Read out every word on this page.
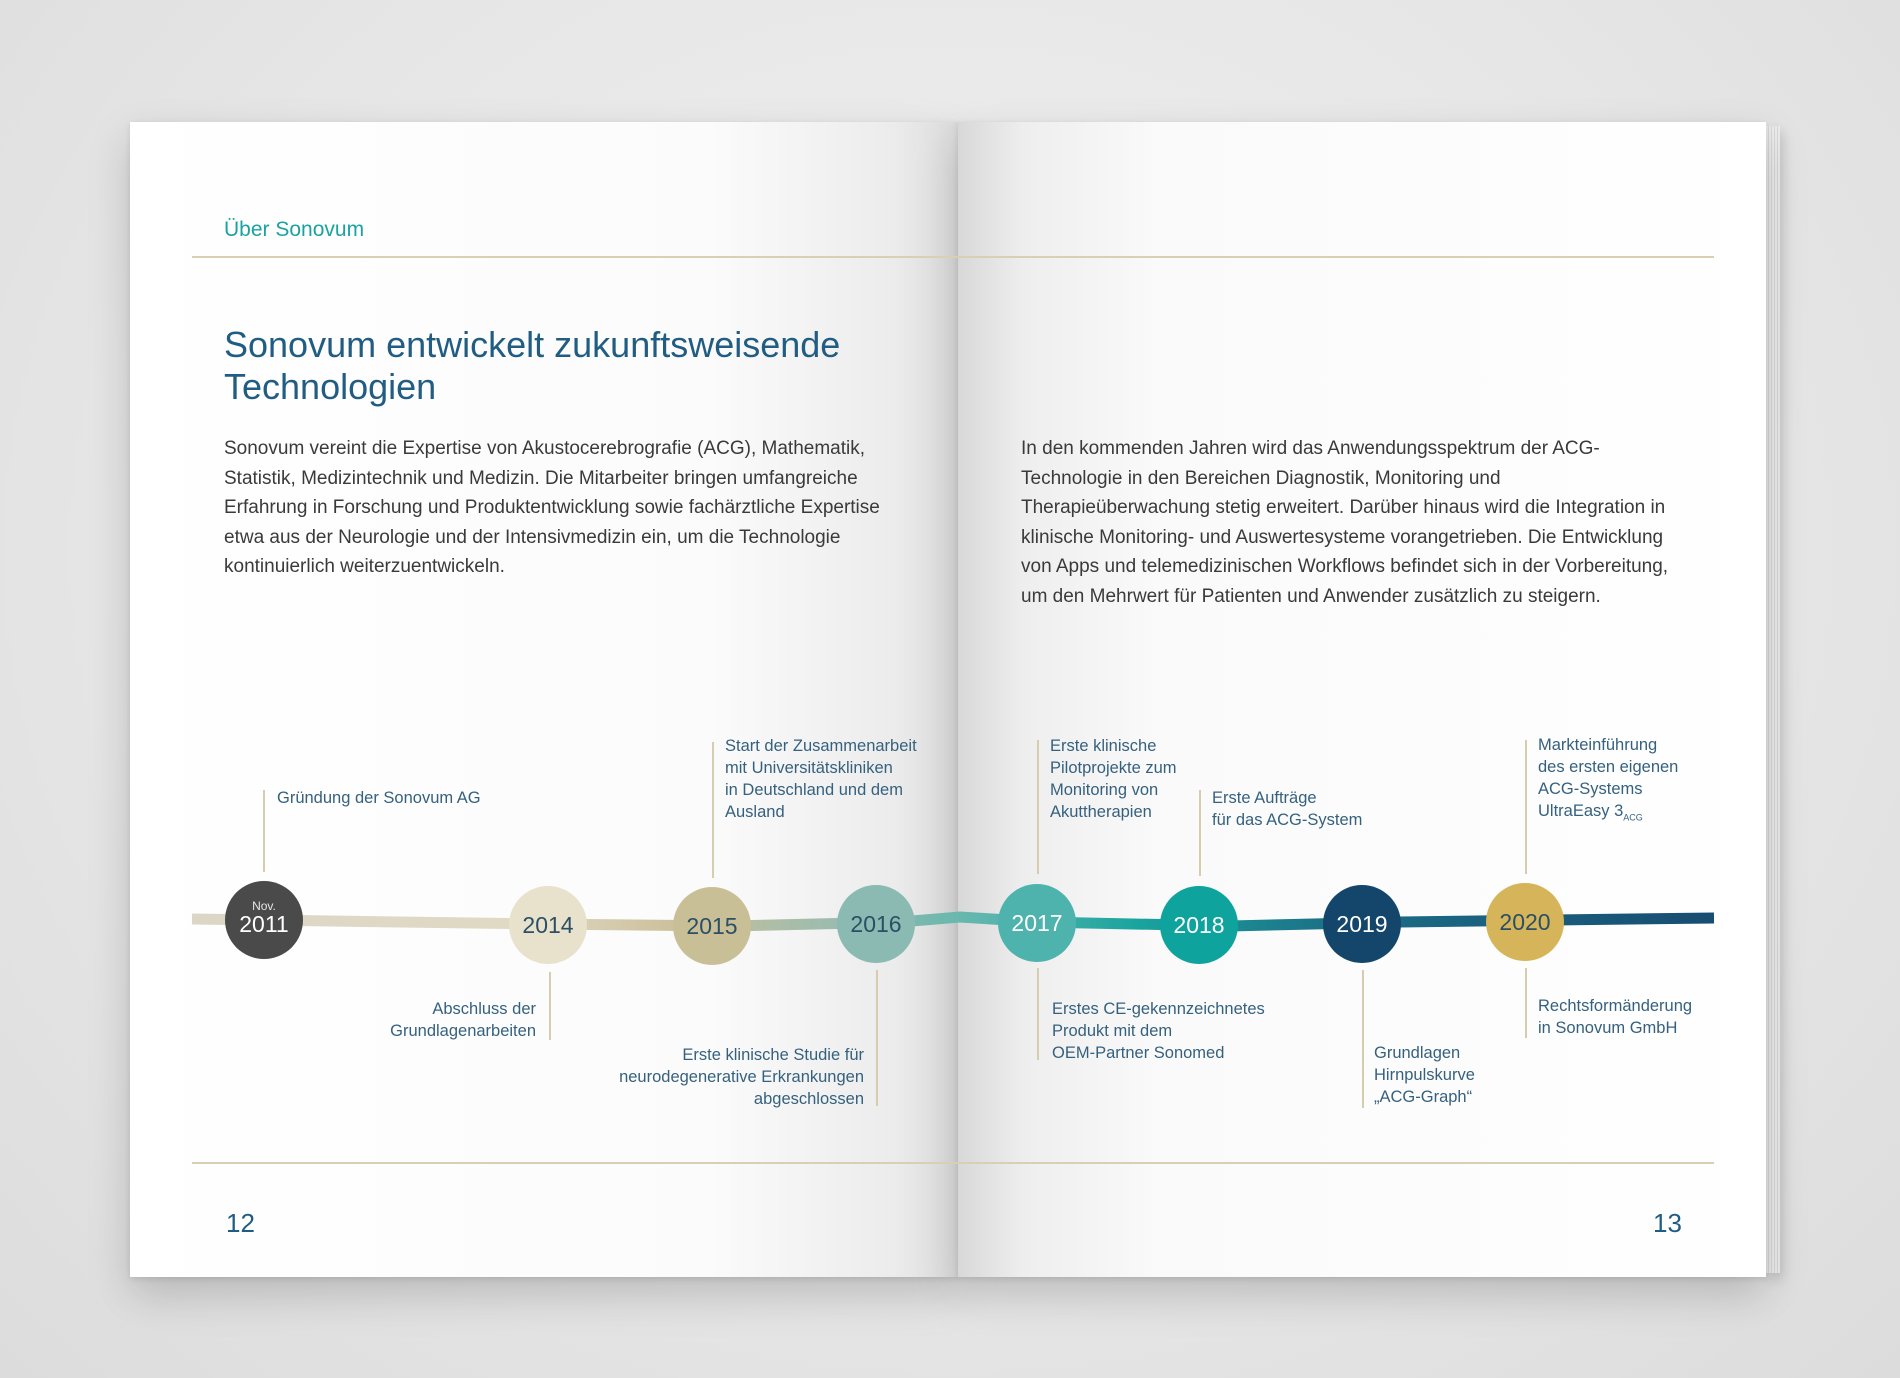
Über Sonovum
Sonovum entwickelt zukunftsweisende Technologien

Sonovum vereint die Expertise von Akustocerebrografie (ACG), Mathematik, Statistik, Medizintechnik und Medizin. Die Mitarbeiter bringen umfangreiche Erfahrung in Forschung und Produktentwicklung sowie fachärztliche Expertise etwa aus der Neurologie und der Intensivmedizin ein, um die Technologie kontinuierlich weiterzuentwickeln.

In den kommenden Jahren wird das Anwendungsspektrum der ACG-Technologie in den Bereichen Diagnostik, Monitoring und Therapieüberwachung stetig erweitert. Darüber hinaus wird die Integration in klinische Monitoring- und Auswertesysteme vorangetrieben. Die Entwicklung von Apps und telemedizinischen Workflows befindet sich in der Vorbereitung, um den Mehrwert für Patienten und Anwender zusätzlich zu steigern.

Nov.
2011	2014	2015	2016	2017	2018	2019	2020
Gründung der Sonovum AG
Abschluss der
Grundlagenarbeiten
Start der Zusammenarbeit
mit Universitätskliniken
in Deutschland und dem
Ausland
Erste klinische Studie für
neurodegenerative Erkrankungen
abgeschlossen
Erste klinische
Pilotprojekte zum
Monitoring von
Akuttherapien
Erstes CE-gekennzeichnetes
Produkt mit dem
OEM-Partner Sonomed
Erste Aufträge
für das ACG-System
Grundlagen
Hirnpulskurve
„ACG-Graph“
Markteinführung
des ersten eigenen
ACG-Systems
UltraEasy $3_{ACG}$
Rechtsformänderung
in Sonovum GmbH
12	13
